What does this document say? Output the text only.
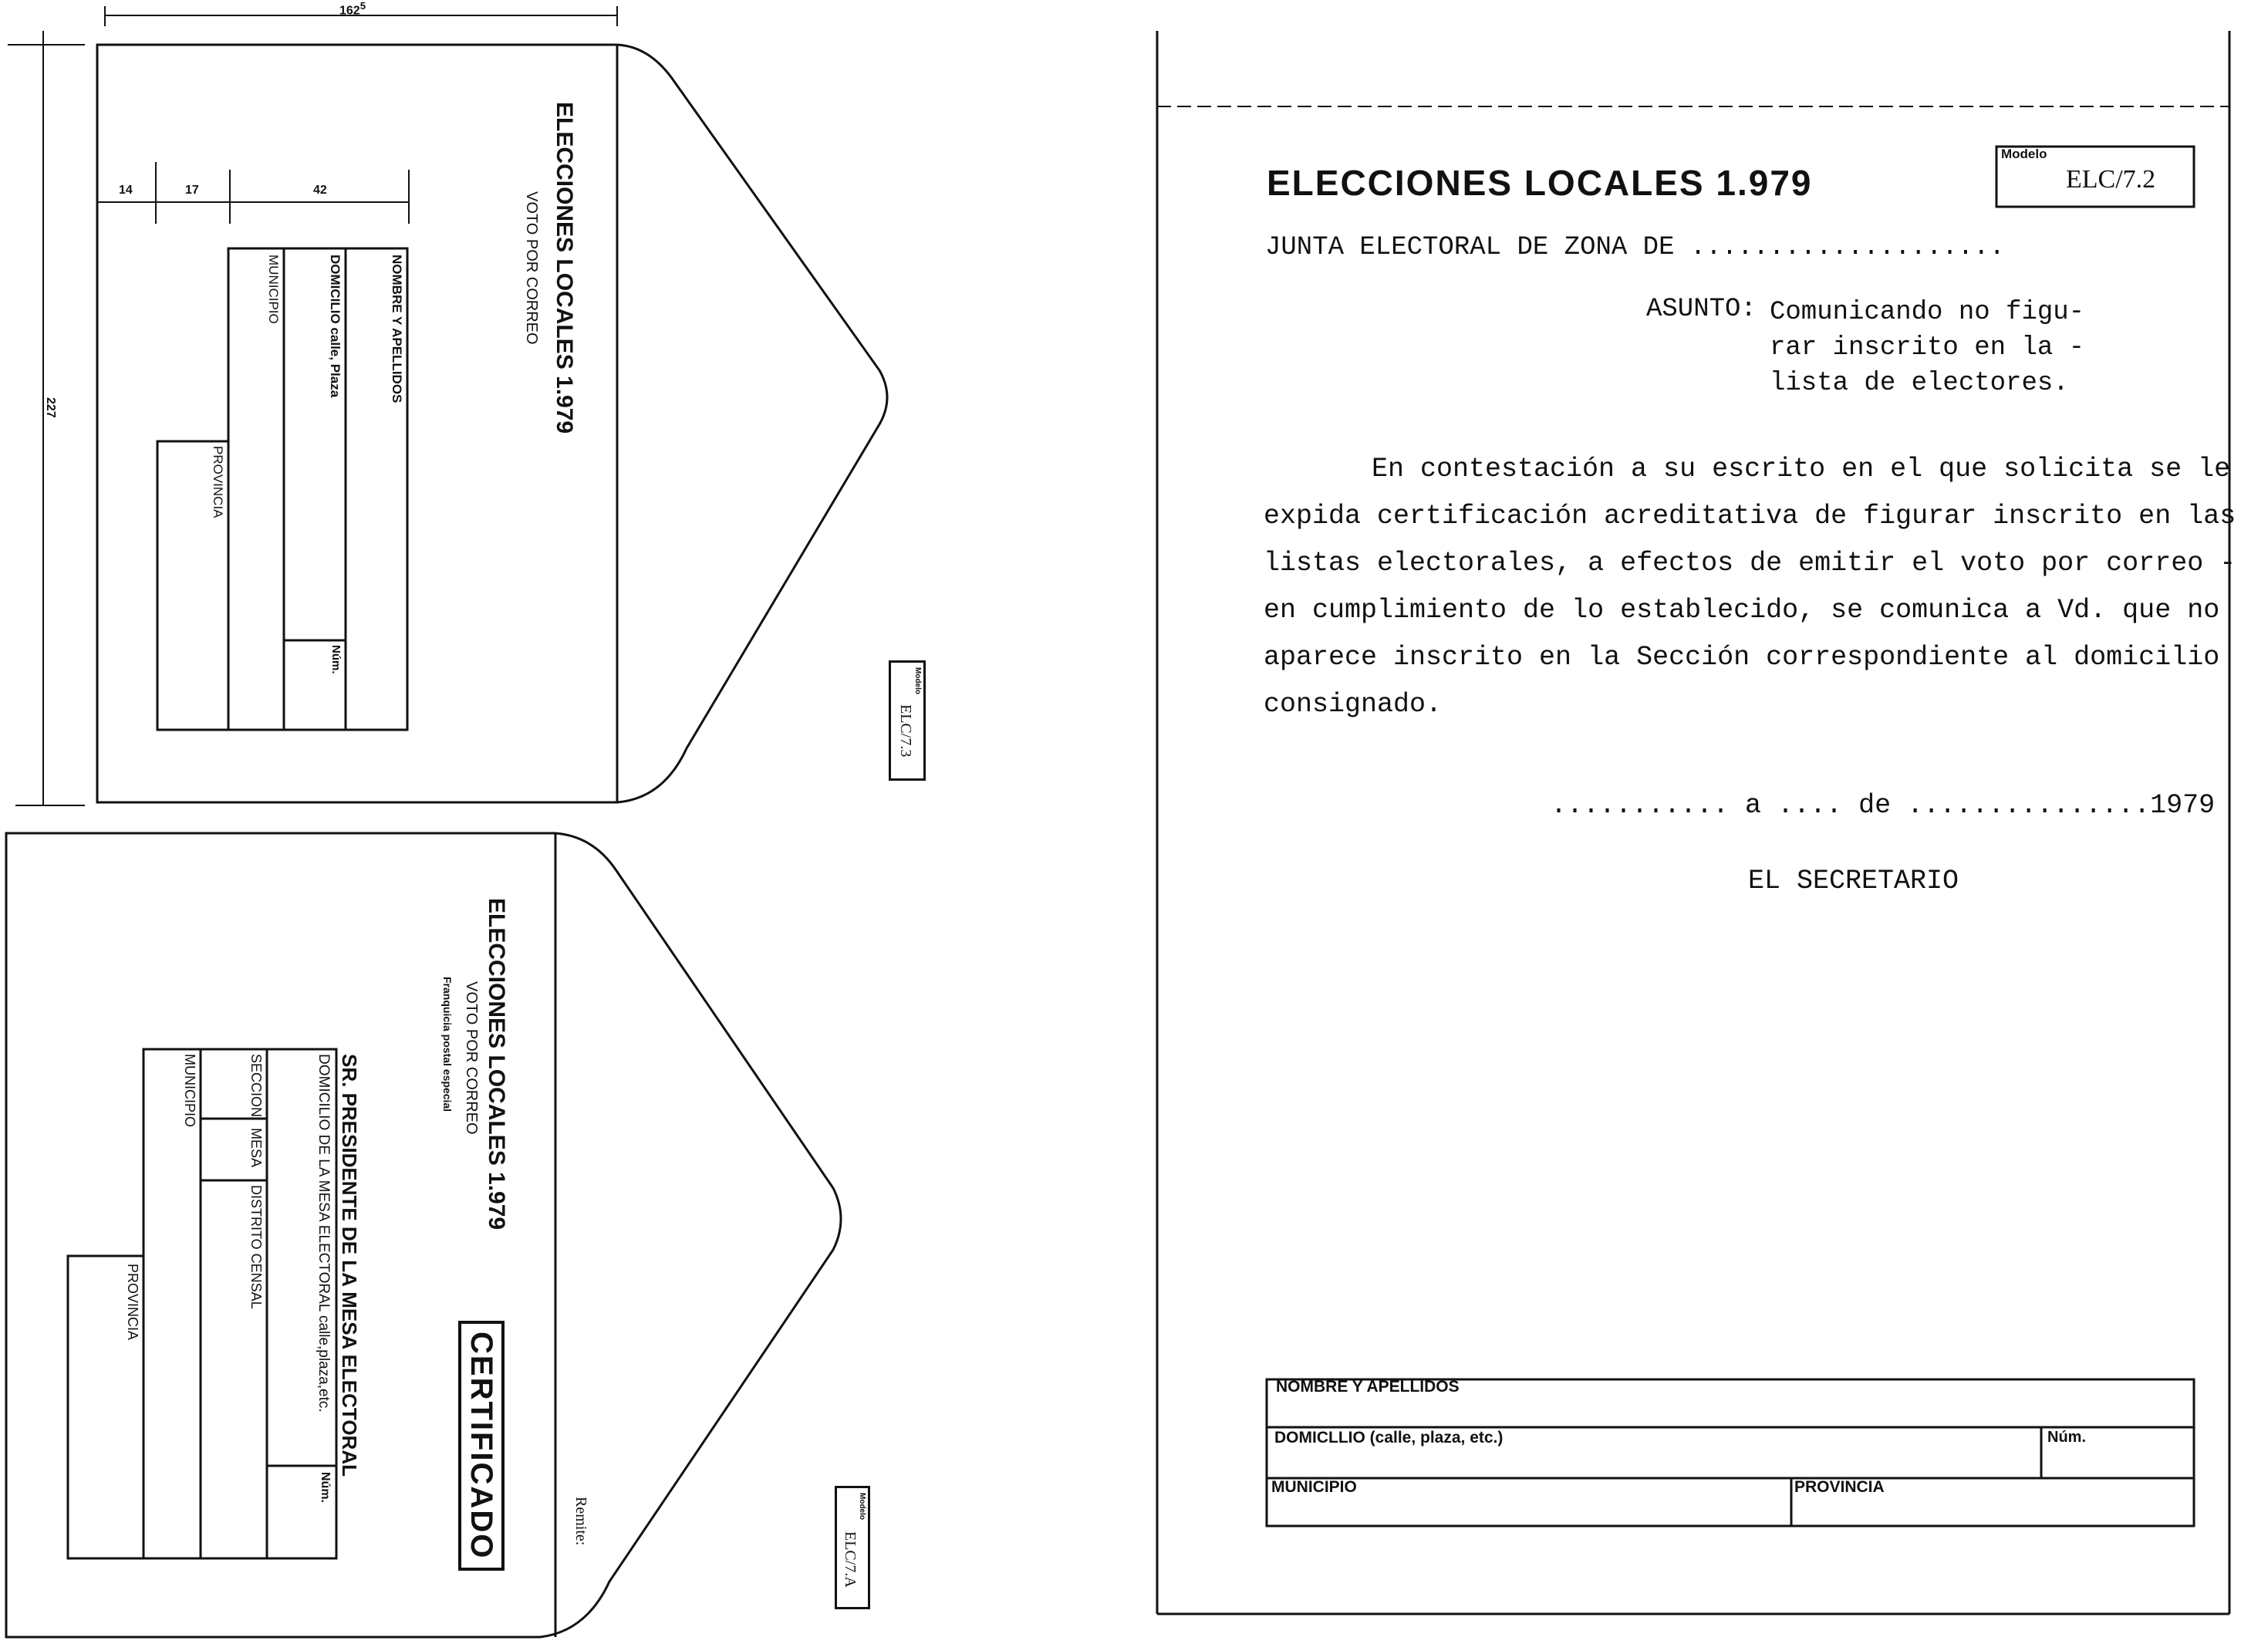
$162^5$
227
14	17	42	ELECCIONES LOCALES 1.979
VOTO POR CORREO
NOMBRE Y APELLIDOS
DOMICILIO calle, Plaza
Núm.
MUNICIPIO
PROVINCIA
Modelo
ELC/7.3
ELECCIONES LOCALES 1.979
VOTO POR CORREO
Franquicia postal especial
CERTIFICADO
SR. PRESIDENTE DE LA MESA ELECTORAL
DOMICILIO DE LA MESA ELECTORAL calle,plaza,etc.
Núm.
SECCION
MESA
DISTRITO CENSAL
MUNICIPIO
PROVINCIA
Remite:	Modelo
ELC/7.A
ELECCIONES LOCALES 1.979
Modelo
ELC/7.2
JUNTA ELECTORAL DE ZONA DE ....................
ASUNTO: Comunicando no figu-
rar inscrito en la -
lista de electores.
En contestación a su escrito en el que solicita se le
expida certificación acreditativa de figurar inscrito en las
listas electorales, a efectos de emitir el voto por correo -
en cumplimiento de lo establecido, se comunica a Vd. que no
aparece inscrito en la Sección correspondiente al domicilio
consignado.
........... a .... de ...............1979
EL SECRETARIO
NOMBRE Y APELLIDOS
DOMICLLIO (calle, plaza, etc.)	Núm.
MUNICIPIO	PROVINCIA
